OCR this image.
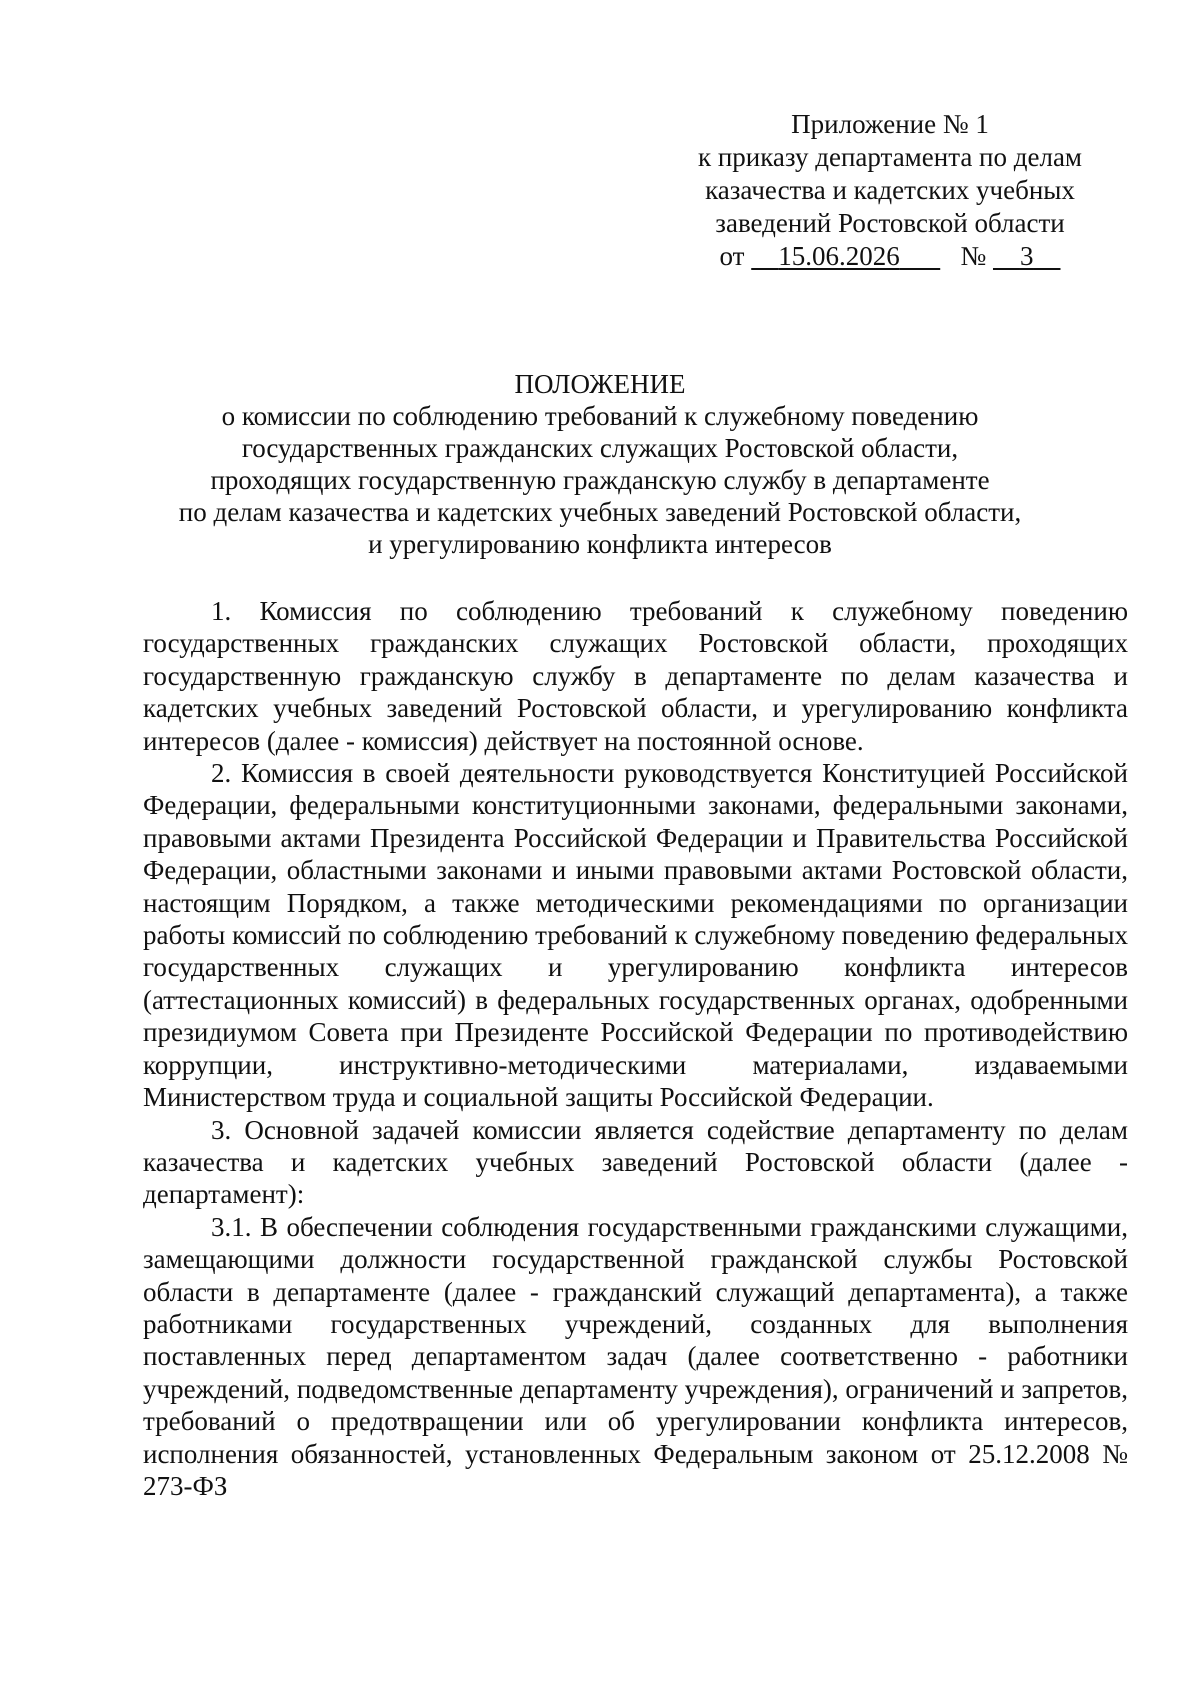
Приложение № 1
к приказу департамента по делам
казачества и кадетских учебных
заведений Ростовской области
от 15.06.2026 № 3
ПОЛОЖЕНИЕ
о комиссии по соблюдению требований к служебному поведению
государственных гражданских служащих Ростовской области,
проходящих государственную гражданскую службу в департаменте
по делам казачества и кадетских учебных заведений Ростовской области,
и урегулированию конфликта интересов

1. Комиссия по соблюдению требований к служебному поведению государственных гражданских служащих Ростовской области, проходящих государственную гражданскую службу в департаменте по делам казачества и кадетских учебных заведений Ростовской области, и урегулированию конфликта интересов (далее - комиссия) действует на постоянной основе.

2. Комиссия в своей деятельности руководствуется Конституцией Российской Федерации, федеральными конституционными законами, федеральными законами, правовыми актами Президента Российской Федерации и Правительства Российской Федерации, областными законами и иными правовыми актами Ростовской области, настоящим Порядком, а также методическими рекомендациями по организации работы комиссий по соблюдению требований к служебному поведению федеральных государственных служащих и урегулированию конфликта интересов (аттестационных комиссий) в федеральных государственных органах, одобренными президиумом Совета при Президенте Российской Федерации по противодействию коррупции, инструктивно-методическими материалами, издаваемыми Министерством труда и социальной защиты Российской Федерации.

3. Основной задачей комиссии является содействие департаменту по делам казачества и кадетских учебных заведений Ростовской области (далее - департамент):

3.1. В обеспечении соблюдения государственными гражданскими служащими, замещающими должности государственной гражданской службы Ростовской области в департаменте (далее - гражданский служащий департамента), а также работниками государственных учреждений, созданных для выполнения поставленных перед департаментом задач (далее соответственно - работники учреждений, подведомственные департаменту учреждения), ограничений и запретов, требований о предотвращении или об урегулировании конфликта интересов, исполнения обязанностей, установленных Федеральным законом от 25.12.2008 № 273-ФЗ
